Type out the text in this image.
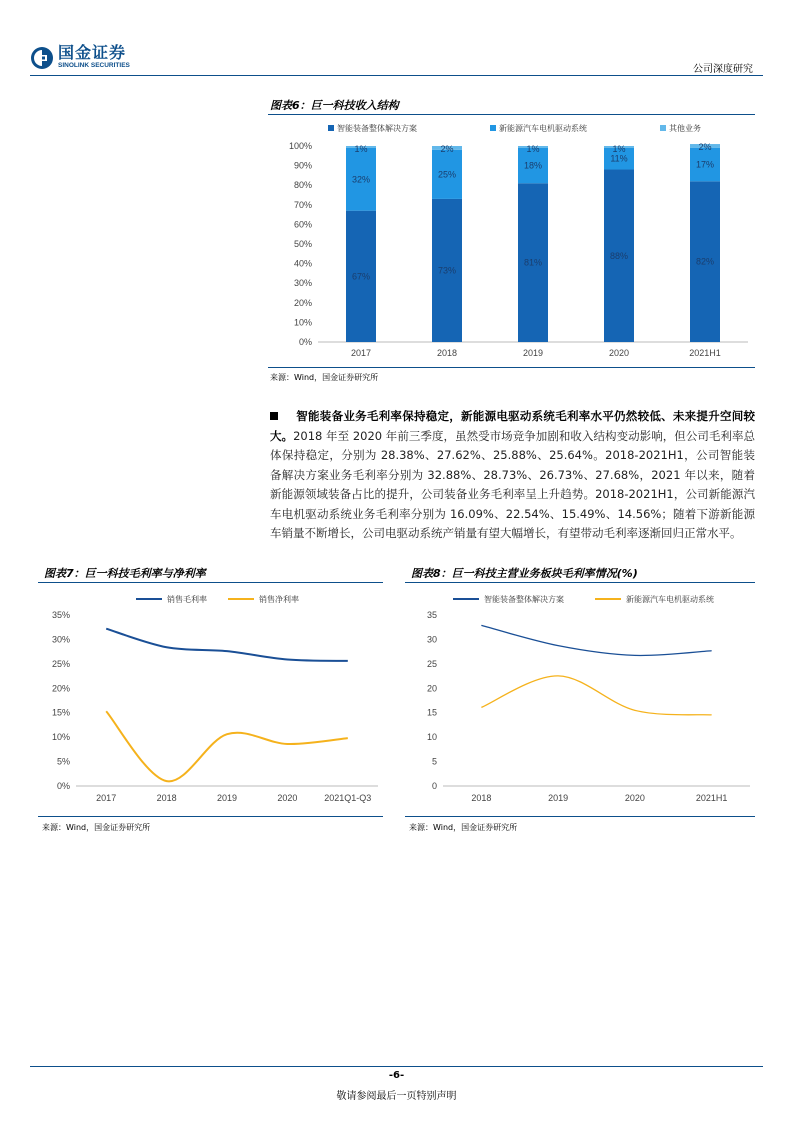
国金证券
SINOLINK SECURITIES	公司深度研究
图表6：巨一科技收入结构
智能装备整体解决方案	新能源汽车电机驱动系统	其他业务
0%
10%
20%
30%
40%
50%
60%
70%
80%
90%
100%
67%
32%
1%
2017
73%
25%
2%
2018
81%
18%
1%
2019
88%
11%
1%
2020
82%
17%
2%
2021H1
来源：Wind，国金证券研究所
智能装备业务毛利率保持稳定，新能源电驱动系统毛利率水平仍然较低、未来提升空间较大。2018 年至 2020 年前三季度，虽然受市场竞争加剧和收入结构变动影响，但公司毛利率总体保持稳定，分别为 28.38%、27.62%、25.88%、25.64%。2018-2021H1，公司智能装备解决方案业务毛利率分别为 32.88%、28.73%、26.73%、27.68%，2021 年以来，随着新能源领域装备占比的提升，公司装备业务毛利率呈上升趋势。2018-2021H1，公司新能源汽车电机驱动系统业务毛利率分别为 16.09%、22.54%、15.49%、14.56%；随着下游新能源车销量不断增长，公司电驱动系统产销量有望大幅增长，有望带动毛利率逐渐回归正常水平。
图表7：巨一科技毛利率与净利率
销售毛利率	销售净利率
0%
5%
10%
15%
20%
25%
30%
35%
2017	2018	2019	2020	2021Q1-Q3
来源：Wind，国金证券研究所
图表8：巨一科技主营业务板块毛利率情况(%)
智能装备整体解决方案	新能源汽车电机驱动系统
0
5
10
15
20
25
30
35
2018	2019	2020	2021H1
来源：Wind，国金证券研究所
-6-
敬请参阅最后一页特别声明
